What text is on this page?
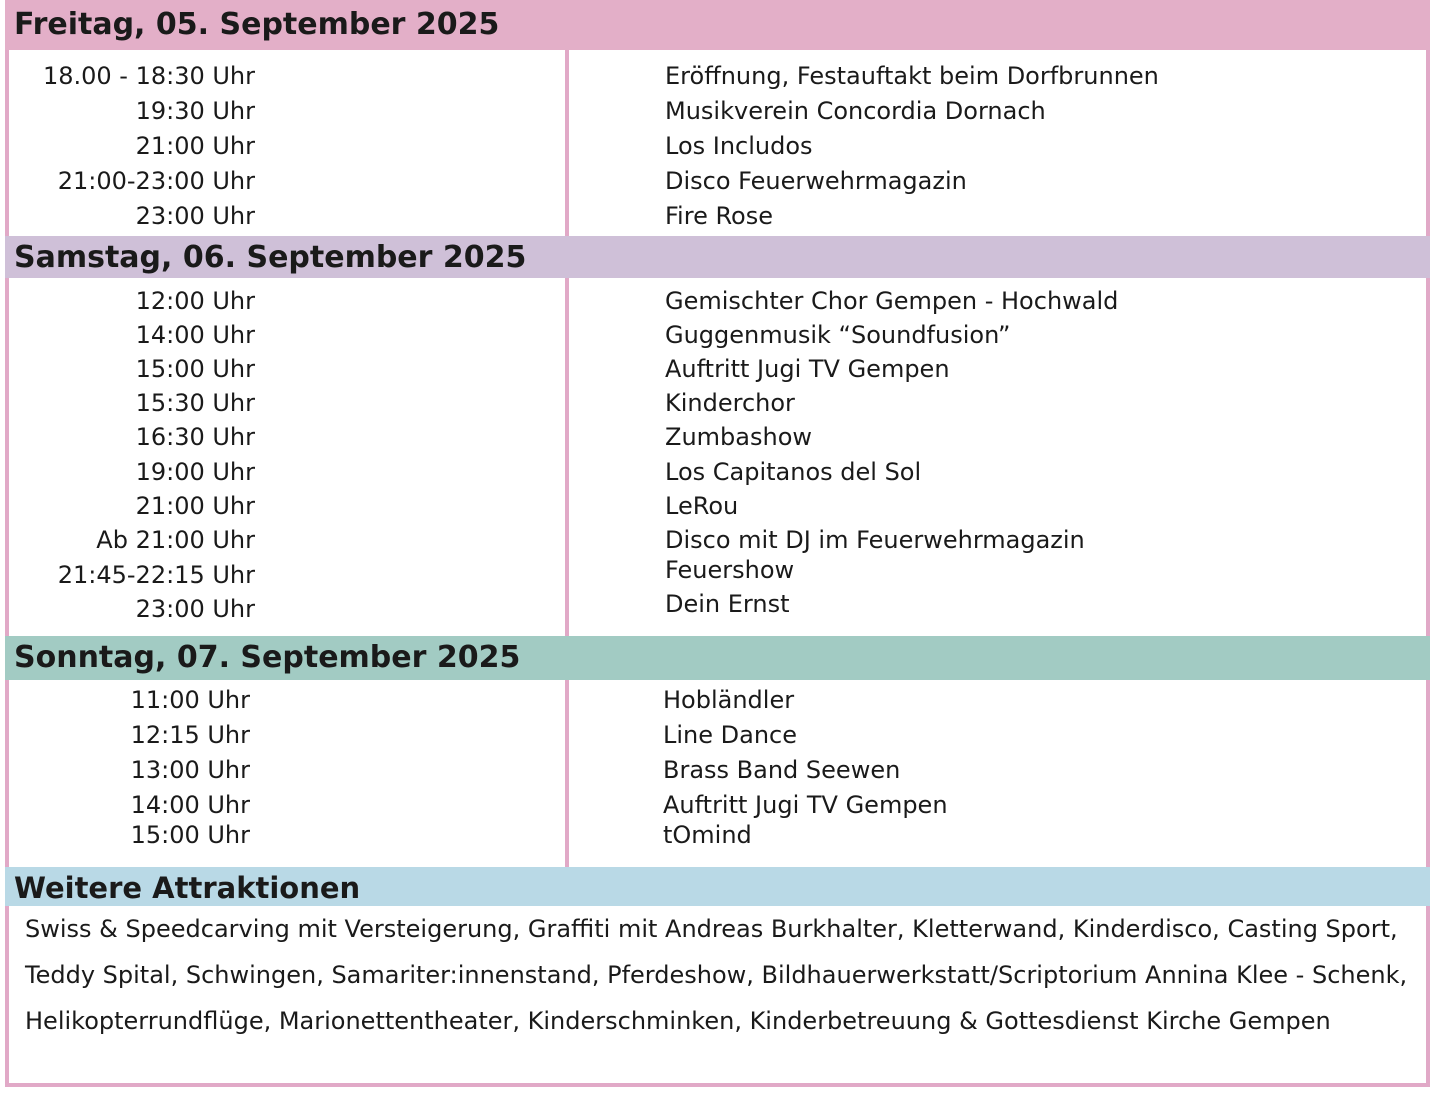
Freitag, 05. September 2025
18.00 - 18:30 Uhr	Eröffnung, Festauftakt beim Dorfbrunnen
19:30 Uhr	Musikverein Concordia Dornach
21:00 Uhr	Los Includos
21:00-23:00 Uhr	Disco Feuerwehrmagazin
23:00 Uhr	Fire Rose
Samstag, 06. September 2025
12:00 Uhr	Gemischter Chor Gempen - Hochwald
14:00 Uhr	Guggenmusik “Soundfusion”
15:00 Uhr	Auftritt Jugi TV Gempen
15:30 Uhr	Kinderchor
16:30 Uhr	Zumbashow
19:00 Uhr	Los Capitanos del Sol
21:00 Uhr	LeRou
Ab 21:00 Uhr	Disco mit DJ im Feuerwehrmagazin
21:45-22:15 Uhr	Feuershow
23:00 Uhr	Dein Ernst
Sonntag, 07. September 2025
11:00 Uhr	Hobländler
12:15 Uhr	Line Dance
13:00 Uhr	Brass Band Seewen
14:00 Uhr	Auftritt Jugi TV Gempen
15:00 Uhr	tOmind
Weitere Attraktionen
Swiss & Speedcarving mit Versteigerung, Graffiti mit Andreas Burkhalter, Kletterwand, Kinderdisco, Casting Sport, Teddy Spital, Schwingen, Samariter:innenstand, Pferdeshow, Bildhauerwerkstatt/Scriptorium Annina Klee - Schenk, Helikopterrundflüge, Marionettentheater, Kinderschminken, Kinderbetreuung & Gottesdienst Kirche Gempen
